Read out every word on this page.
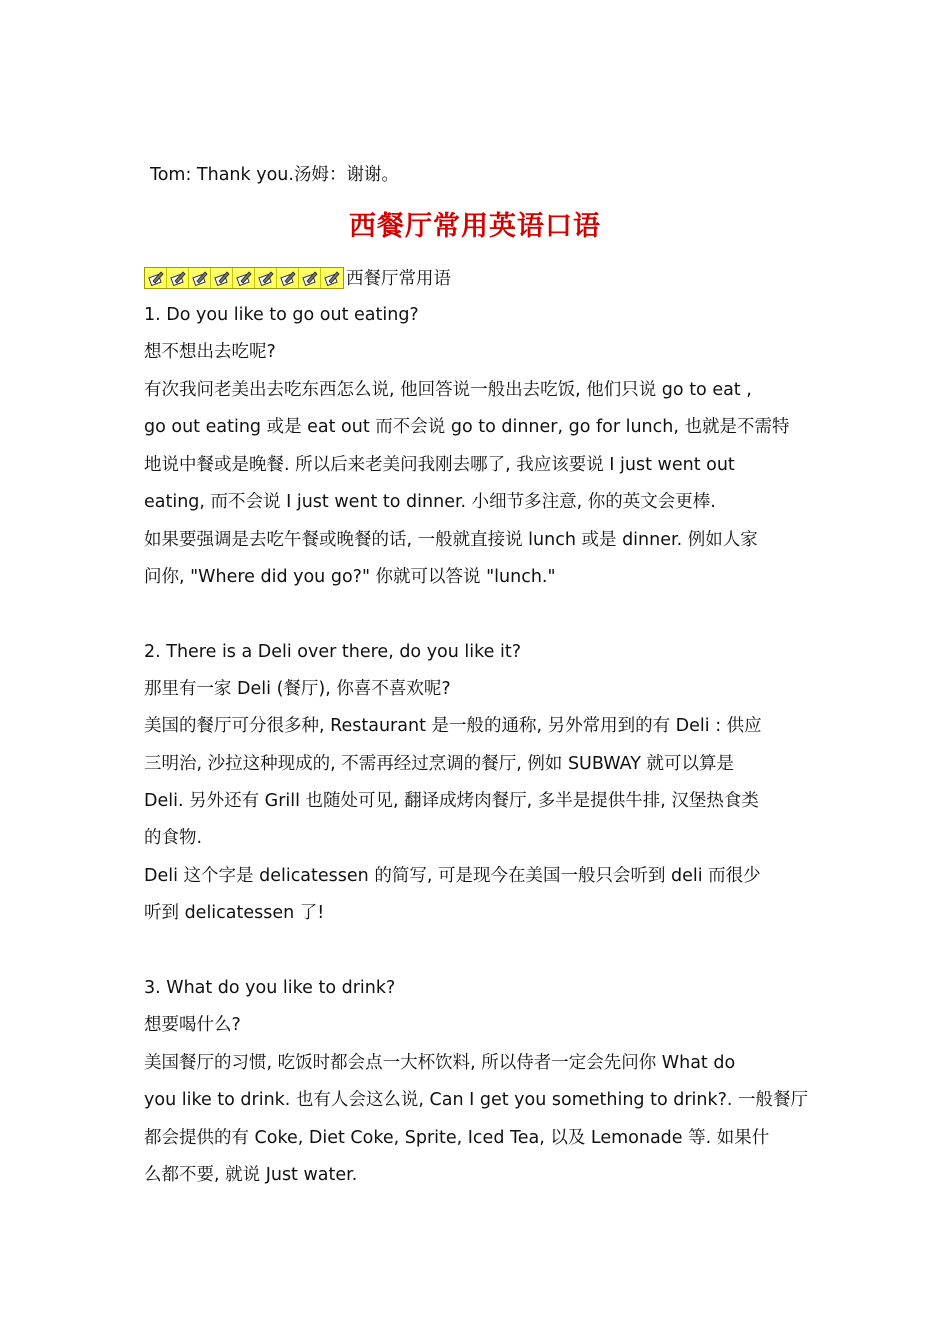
Tom: Thank you.汤姆：谢谢。
西餐厅常用英语口语
西餐厅常用语
1. Do you like to go out eating?
想不想出去吃呢?
有次我问老美出去吃东西怎么说, 他回答说一般出去吃饭, 他们只说 go to eat ,
go out eating 或是 eat out 而不会说 go to dinner, go for lunch, 也就是不需特
地说中餐或是晚餐. 所以后来老美问我刚去哪了, 我应该要说 I just went out
eating, 而不会说 I just went to dinner. 小细节多注意, 你的英文会更棒.
如果要强调是去吃午餐或晚餐的话, 一般就直接说 lunch 或是 dinner. 例如人家
问你, "Where did you go?" 你就可以答说 "lunch."
2. There is a Deli over there, do you like it?
那里有一家 Deli (餐厅), 你喜不喜欢呢?
美国的餐厅可分很多种, Restaurant 是一般的通称, 另外常用到的有 Deli : 供应
三明治, 沙拉这种现成的, 不需再经过烹调的餐厅, 例如 SUBWAY 就可以算是
Deli. 另外还有 Grill 也随处可见, 翻译成烤肉餐厅, 多半是提供牛排, 汉堡热食类
的食物.
Deli 这个字是 delicatessen 的简写, 可是现今在美国一般只会听到 deli 而很少
听到 delicatessen 了!
3. What do you like to drink?
想要喝什么?
美国餐厅的习惯, 吃饭时都会点一大杯饮料, 所以侍者一定会先问你 What do
you like to drink. 也有人会这么说, Can I get you something to drink?. 一般餐厅
都会提供的有 Coke, Diet Coke, Sprite, Iced Tea, 以及 Lemonade 等. 如果什
么都不要, 就说 Just water.
